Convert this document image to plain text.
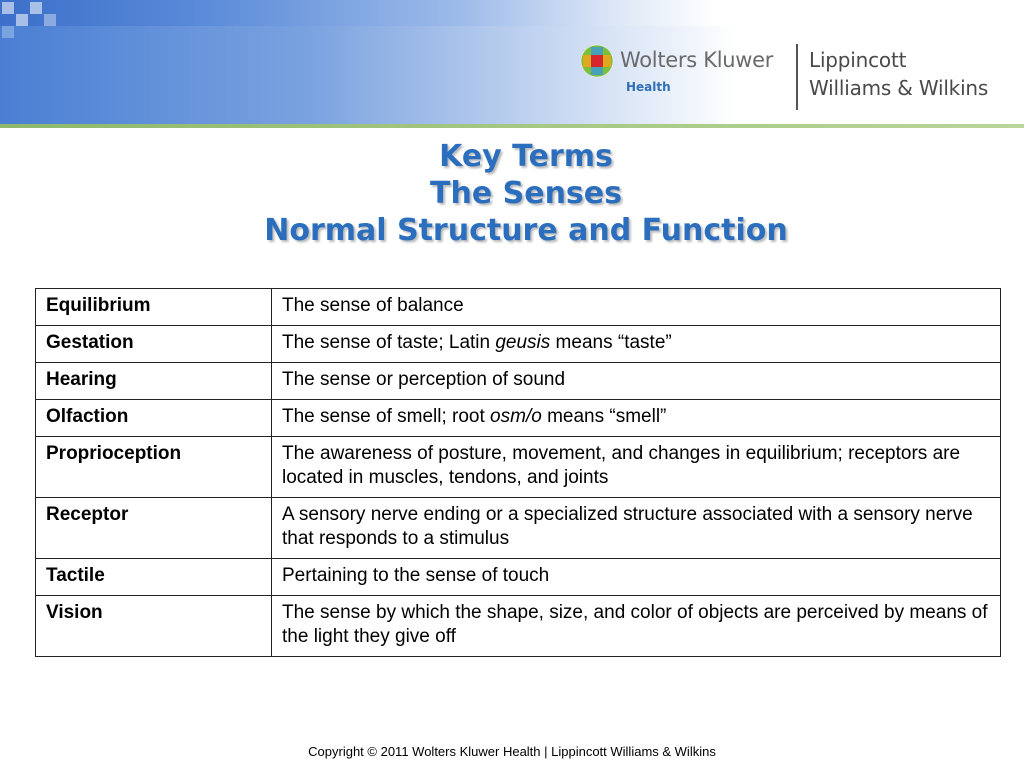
Wolters Kluwer
Health
Lippincott
Williams & Wilkins
Key Terms
The Senses
Normal Structure and Function
Equilibrium	The sense of balance
Gestation	The sense of taste; Latin geusis means “taste”
Hearing	The sense or perception of sound
Olfaction	The sense of smell; root osm/o means “smell”
Proprioception	The awareness of posture, movement, and changes in equilibrium; receptors are located in muscles, tendons, and joints
Receptor	A sensory nerve ending or a specialized structure associated with a sensory nerve that responds to a stimulus
Tactile	Pertaining to the sense of touch
Vision	The sense by which the shape, size, and color of objects are perceived by means of the light they give off
Copyright © 2011 Wolters Kluwer Health | Lippincott Williams & Wilkins
